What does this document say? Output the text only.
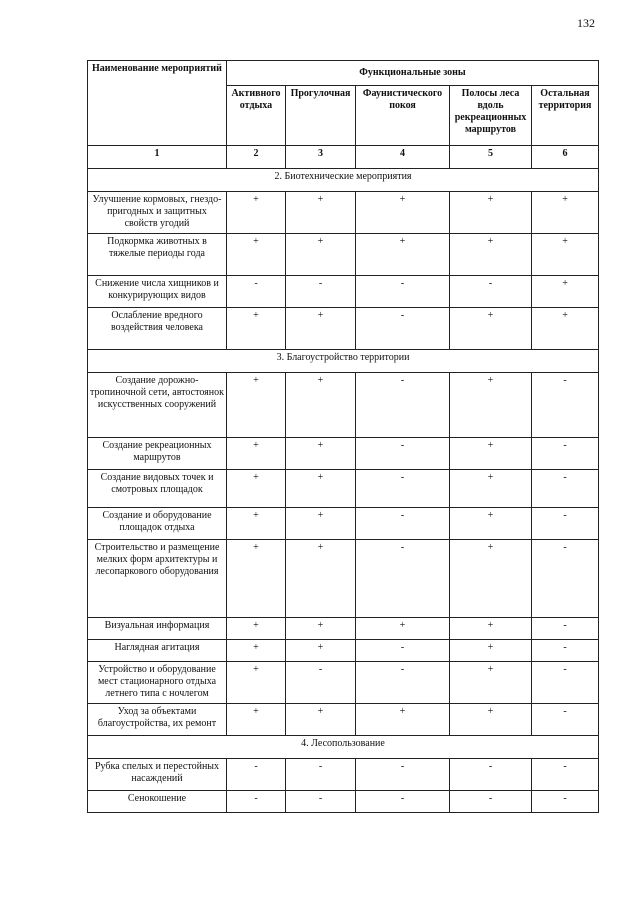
132
Наименование мероприятий	Функциональные зоны				
	Активного отдыха	Прогулочная	Фаунистического покоя	Полосы леса вдоль рекреационных маршрутов	Остальная территория
1	2	3	4	5	6
2. Биотехнические мероприятия					
Улучшение кормовых, гнездо-пригодных и защитных свойств угодий	+	+	+	+	+
Подкормка животных в тяжелые периоды года	+	+	+	+	+
Снижение числа хищников и конкурирующих видов	-	-	-	-	+
Ослабление вредного воздействия человека	+	+	-	+	+
3. Благоустройство территории					
Создание дорожно-тропиночной сети, автостоянок искусственных сооружений	+	+	-	+	-
Создание рекреационных маршрутов	+	+	-	+	-
Создание видовых точек и смотровых площадок	+	+	-	+	-
Создание и оборудование площадок отдыха	+	+	-	+	-
Строительство и размещение мелких форм архитектуры и лесопаркового оборудования	+	+	-	+	-
Визуальная информация	+	+	+	+	-
Наглядная агитация	+	+	-	+	-
Устройство и оборудование мест стационарного отдыха летнего типа с ночлегом	+	-	-	+	-
Уход за объектами благоустройства, их ремонт	+	+	+	+	-
4. Лесопользование					
Рубка спелых и перестойных насаждений	-	-	-	-	-
Сенокошение	-	-	-	-	-
